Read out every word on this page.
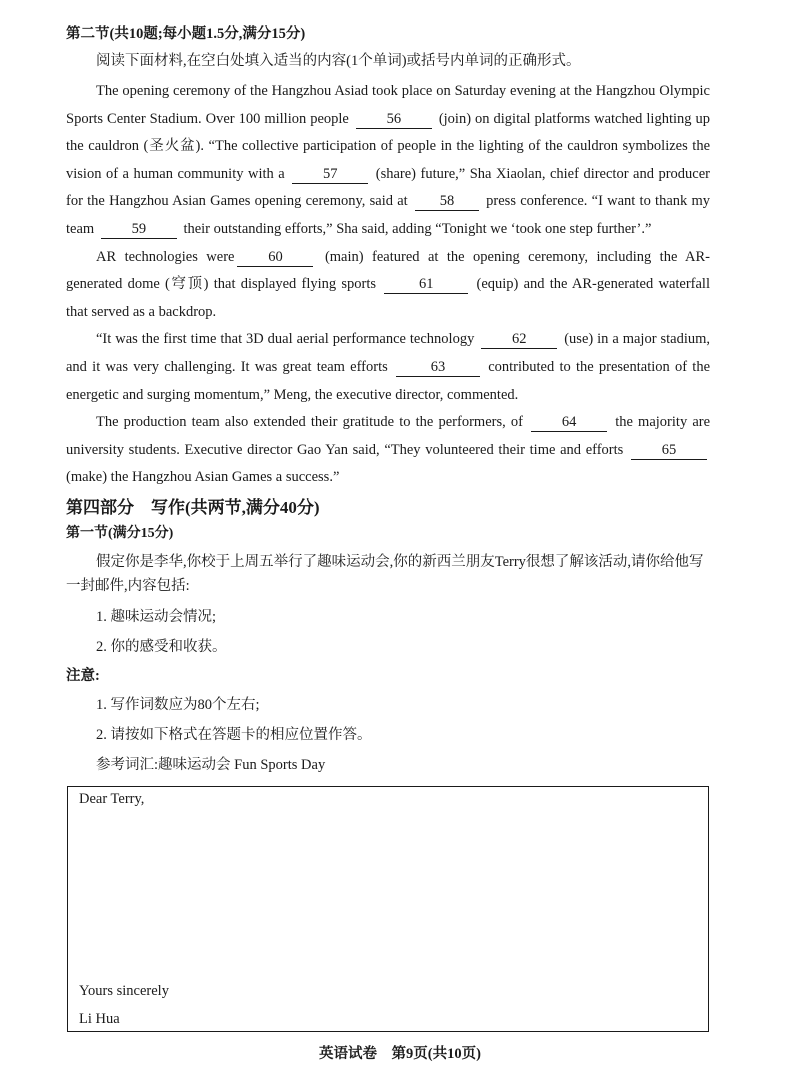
第二节(共10题;每小题1.5分,满分15分)

阅读下面材料,在空白处填入适当的内容(1个单词)或括号内单词的正确形式。

The opening ceremony of the Hangzhou Asiad took place on Saturday evening at the Hangzhou Olympic Sports Center Stadium. Over 100 million people	56	(join) on digital platforms watched lighting up the cauldron (圣火盆). “The collective participation of people in the lighting of the cauldron symbolizes the vision of a human community with a	57	(share) future,” Sha Xiaolan, chief director and producer for the Hangzhou Asian Games opening ceremony, said at 58 press conference. “I want to thank my team	59	their outstanding efforts,” Sha said, adding “Tonight we ‘took one step further’.”

AR technologies were 60	(main) featured at the opening ceremony, including the AR-generated dome (穹顶) that displayed flying sports	61	(equip) and the AR-generated waterfall that served as a backdrop.

“It was the first time that 3D dual aerial performance technology	62	(use) in a major stadium, and it was very challenging. It was great team efforts	63	contributed to the presentation of the energetic and surging momentum,” Meng, the executive director, commented.

The production team also extended their gratitude to the performers, of	64	the majority are university students. Executive director Gao Yan said, “They volunteered their time and efforts	65 (make) the Hangzhou Asian Games a success.”

第四部分　写作(共两节,满分40分)
第一节(满分15分)

假定你是李华,你校于上周五举行了趣味运动会,你的新西兰朋友Terry很想了解该活动,请你给他写一封邮件,内容包括:

1. 趣味运动会情况;

2. 你的感受和收获。

注意:

1. 写作词数应为80个左右;

2. 请按如下格式在答题卡的相应位置作答。

参考词汇:趣味运动会 Fun Sports Day

Dear Terry,
Yours sincerely
Li Hua
英语试卷　第9页(共10页)
